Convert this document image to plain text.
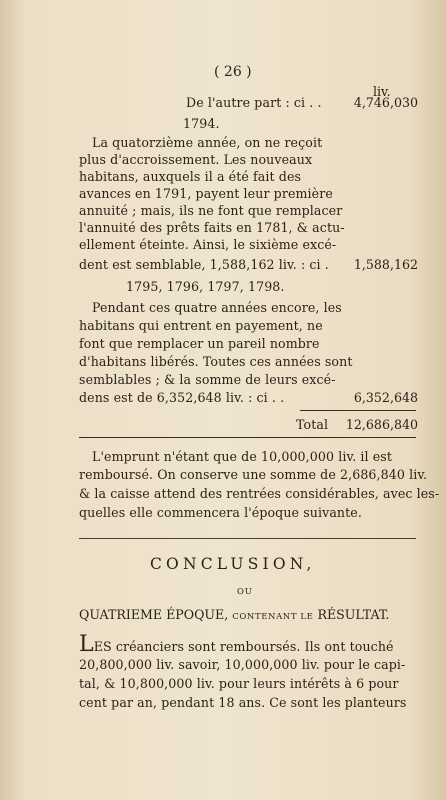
( 26 )
liv.
De l'autre part : ci . .	4,746,030
1794.
La quatorzième année, on ne reçoit
plus d'accroissement. Les nouveaux
habitans, auxquels il a été fait des
avances en 1791, payent leur première
annuité ; mais, ils ne font que remplacer
l'annuité des prêts faits en 1781, & actu-
ellement éteinte. Ainsi, le sixième excé-
dent est semblable, 1,588,162 liv. : ci . 1,588,162
1795, 1796, 1797, 1798.
Pendant ces quatre années encore, les
habitans qui entrent en payement, ne
font que remplacer un pareil nombre
d'habitans libérés. Toutes ces années sont
semblables ; & la somme de leurs excé-
dens est de 6,352,648 liv. : ci . .	6,352,648
Total 12,686,840
L'emprunt n'étant que de 10,000,000 liv. il est
remboursé. On conserve une somme de 2,686,840 liv.
& la caisse attend des rentrées considérables, avec les-
quelles elle commencera l'époque suivante.
CONCLUSION,
OU
QUATRIEME ÉPOQUE, CONTENANT LE RÉSULTAT.
LES créanciers sont remboursés. Ils ont touché
20,800,000 liv. savoir, 10,000,000 liv. pour le capi-
tal, & 10,800,000 liv. pour leurs intérêts à 6 pour
cent par an, pendant 18 ans. Ce sont les planteurs
